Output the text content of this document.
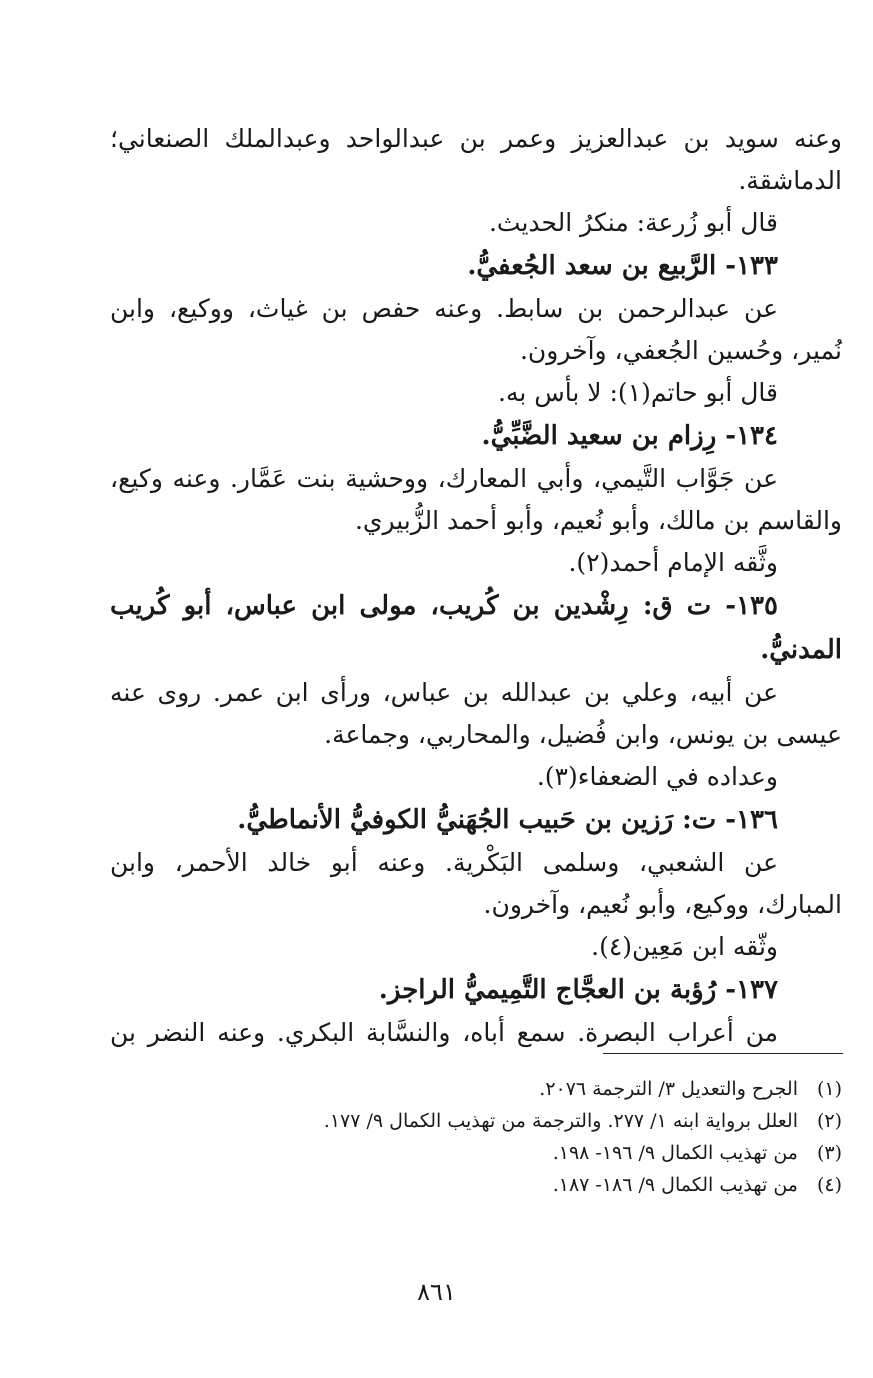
وعنه سويد بن عبدالعزيز وعمر بن عبدالواحد وعبدالملك الصنعاني؛
الدماشقة.
قال أبو زُرعة: منكرُ الحديث.
١٣٣- الرَّبيع بن سعد الجُعفيُّ.
عن عبدالرحمن بن سابط. وعنه حفص بن غياث، ووكيع، وابن
نُمير، وحُسين الجُعفي، وآخرون.
قال أبو حاتم(١): لا بأس به.
١٣٤- رِزام بن سعيد الضَّبِّيُّ.
عن جَوَّاب التَّيمي، وأبي المعارك، ووحشية بنت عَمَّار. وعنه وكيع،
والقاسم بن مالك، وأبو نُعيم، وأبو أحمد الزُّبيري.
وثَّقه الإمام أحمد(٢).
١٣٥- ت ق: رِشْدين بن كُريب، مولى ابن عباس، أبو كُريب
المدنيُّ.
عن أبيه، وعلي بن عبدالله بن عباس، ورأى ابن عمر. روى عنه
عيسى بن يونس، وابن فُضيل، والمحاربي، وجماعة.
وعداده في الضعفاء(٣).
١٣٦- ت: رَزين بن حَبيب الجُهَنيُّ الكوفيُّ الأنماطيُّ.
عن الشعبي، وسلمى البَكْرية. وعنه أبو خالد الأحمر، وابن
المبارك، ووكيع، وأبو نُعيم، وآخرون.
وثّقه ابن مَعِين(٤).
١٣٧- رُؤبة بن العجَّاج التَّمِيميُّ الراجز.
من أعراب البصرة. سمع أباه، والنسَّابة البكري. وعنه النضر بن
(١)الجرح والتعديل ٣/ الترجمة ٢٠٧٦.
(٢)العلل برواية ابنه ١/ ٢٧٧. والترجمة من تهذيب الكمال ٩/ ١٧٧.
(٣)من تهذيب الكمال ٩/ ١٩٦- ١٩٨.
(٤)من تهذيب الكمال ٩/ ١٨٦- ١٨٧.
٨٦١
